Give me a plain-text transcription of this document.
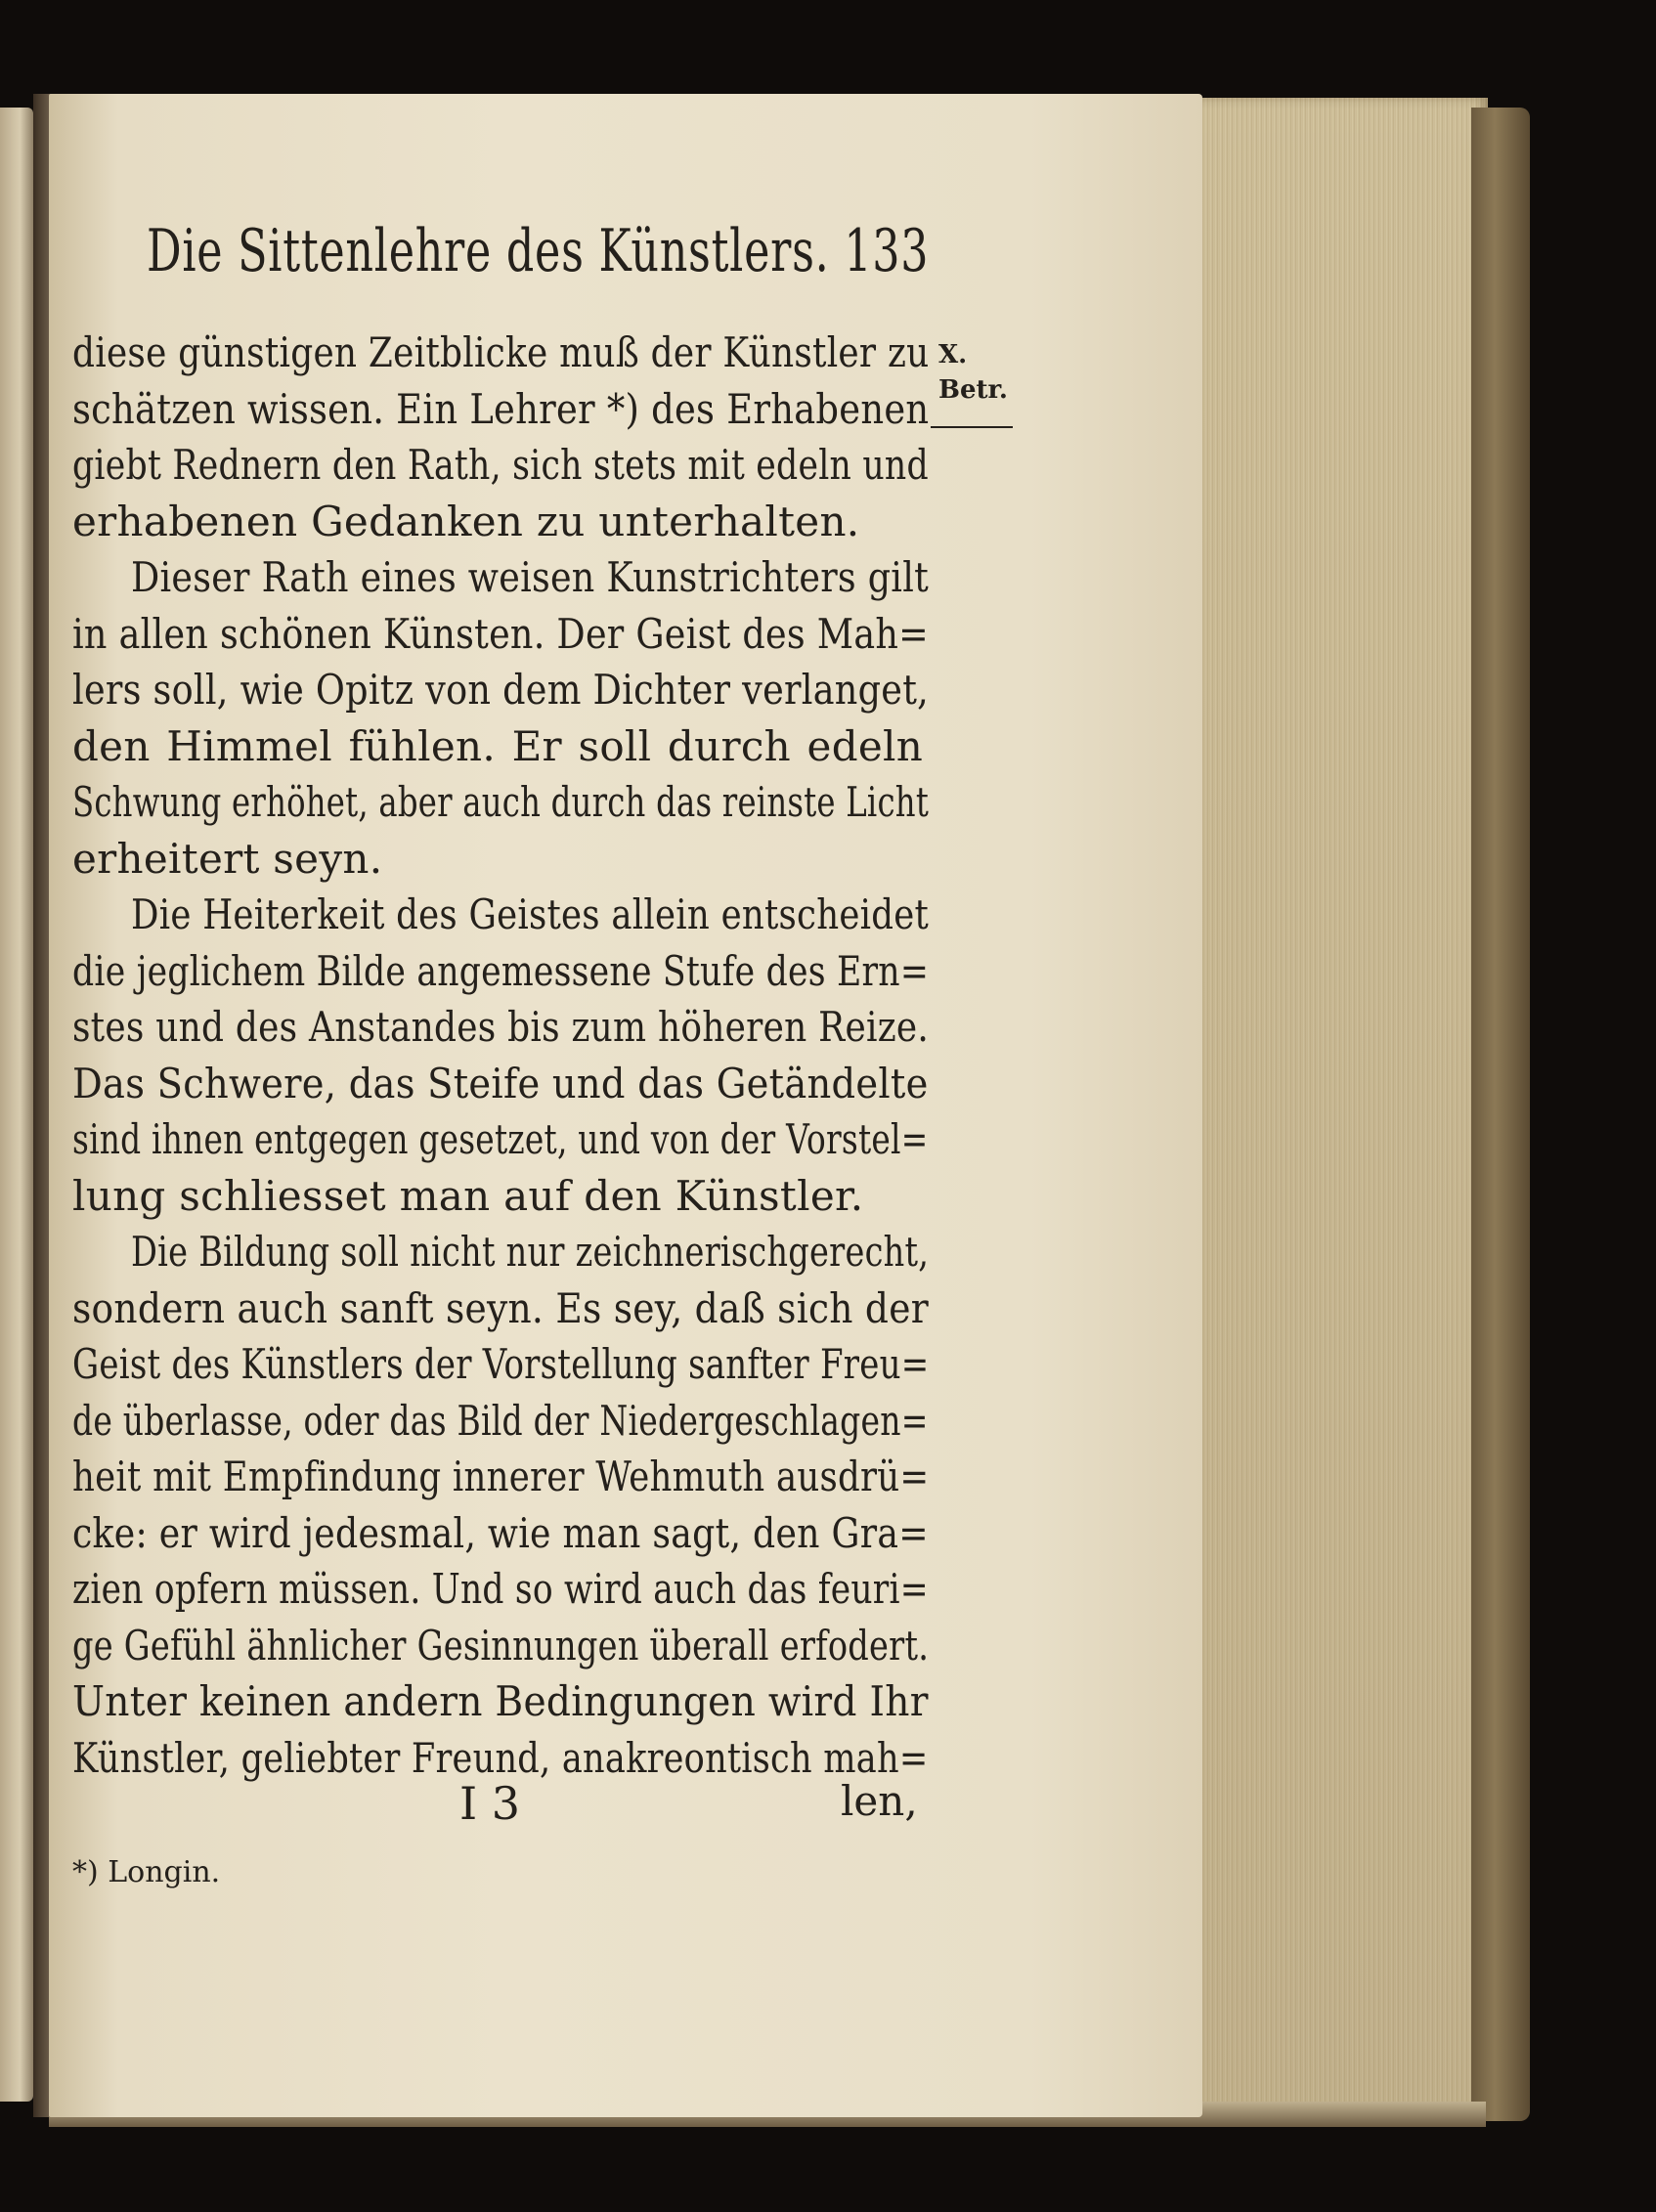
Die Sittenlehre des Künstlers. 133
X.
Betr.
diese günstigen Zeitblicke muß der Künstler zu
schätzen wissen. Ein Lehrer *) des Erhabenen
giebt Rednern den Rath, sich stets mit edeln und
erhabenen Gedanken zu unterhalten.
Dieser Rath eines weisen Kunstrichters gilt
in allen schönen Künsten. Der Geist des Mah=
lers soll, wie Opitz von dem Dichter verlanget,
den Himmel fühlen. Er soll durch edeln
Schwung erhöhet, aber auch durch das reinste Licht
erheitert seyn.
Die Heiterkeit des Geistes allein entscheidet
die jeglichem Bilde angemessene Stufe des Ern=
stes und des Anstandes bis zum höheren Reize.
Das Schwere, das Steife und das Getändelte
sind ihnen entgegen gesetzet, und von der Vorstel=
lung schliesset man auf den Künstler.
Die Bildung soll nicht nur zeichnerischgerecht,
sondern auch sanft seyn. Es sey, daß sich der
Geist des Künstlers der Vorstellung sanfter Freu=
de überlasse, oder das Bild der Niedergeschlagen=
heit mit Empfindung innerer Wehmuth ausdrü=
cke: er wird jedesmal, wie man sagt, den Gra=
zien opfern müssen. Und so wird auch das feuri=
ge Gefühl ähnlicher Gesinnungen überall erfodert.
Unter keinen andern Bedingungen wird Ihr
Künstler, geliebter Freund, anakreontisch mah=
I 3	len,
*) Longin.
